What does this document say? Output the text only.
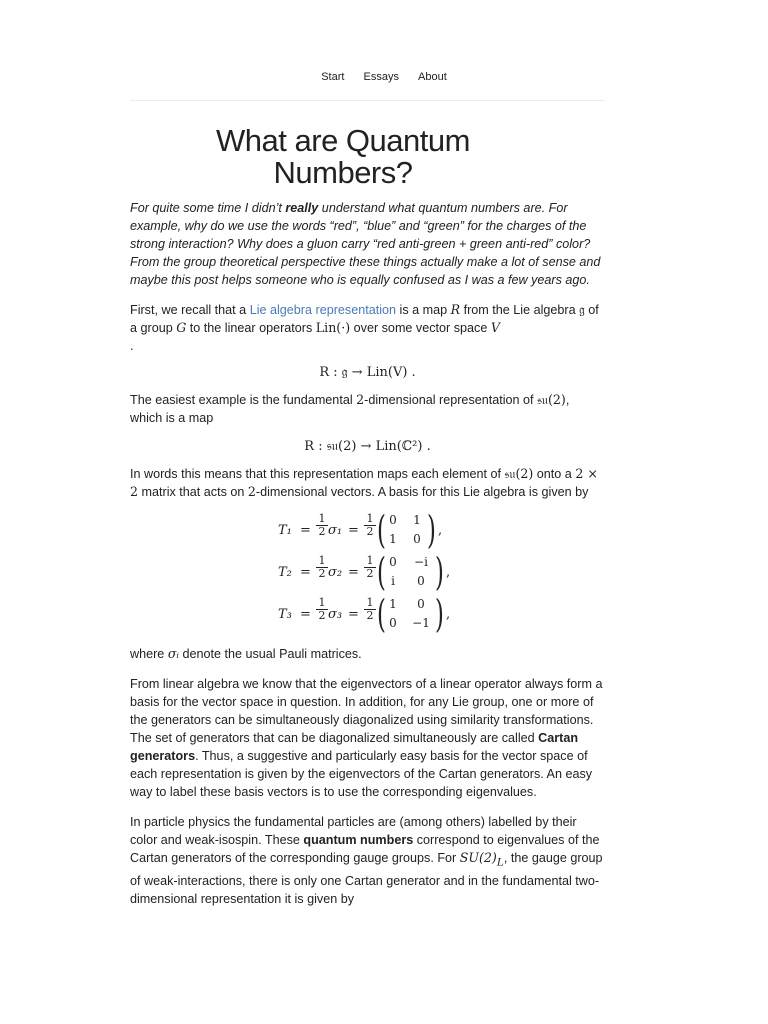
Start Essays About
What are Quantum Numbers?

For quite some time I didn’t really understand what quantum numbers are. For example, why do we use the words “red”, “blue” and “green” for the charges of the strong interaction? Why does a gluon carry “red anti-green + green anti-red” color? From the group theoretical perspective these things actually make a lot of sense and maybe this post helps someone who is equally confused as I was a few years ago.

First, we recall that a Lie algebra representation is a map R from the Lie algebra 𝔤 of a group G to the linear operators Lin(·) over some vector space V
.

R : 𝔤 → Lin(V) .

The easiest example is the fundamental 2-dimensional representation of 𝔰𝔲(2), which is a map

R : 𝔰𝔲(2) → Lin(ℂ²) .

In words this means that this representation maps each element of 𝔰𝔲(2) onto a 2 × 2 matrix that acts on 2-dimensional vectors. A basis for this Lie algebra is given by

$T_1 = \frac{1}{2} \sigma_1 = \frac{1}{2}$ ( 0	1
1	0 ) ,
$T_2 = \frac{1}{2} \sigma_2 = \frac{1}{2}$ ( 0	−i
i	0 ) ,
$T_3 = \frac{1}{2} \sigma_3 = \frac{1}{2}$ ( 1	0
0	−1 ) ,

where σᵢ denote the usual Pauli matrices.

From linear algebra we know that the eigenvectors of a linear operator always form a basis for the vector space in question. In addition, for any Lie group, one or more of the generators can be simultaneously diagonalized using similarity transformations. The set of generators that can be diagonalized simultaneously are called Cartan generators. Thus, a suggestive and particularly easy basis for the vector space of each representation is given by the eigenvectors of the Cartan generators. An easy way to label these basis vectors is to use the corresponding eigenvalues.

In particle physics the fundamental particles are (among others) labelled by their color and weak-isospin. These quantum numbers correspond to eigenvalues of the Cartan generators of the corresponding gauge groups. For $SU(2)_L$, the gauge group of weak-interactions, there is only one Cartan generator and in the fundamental two-dimensional representation it is given by
